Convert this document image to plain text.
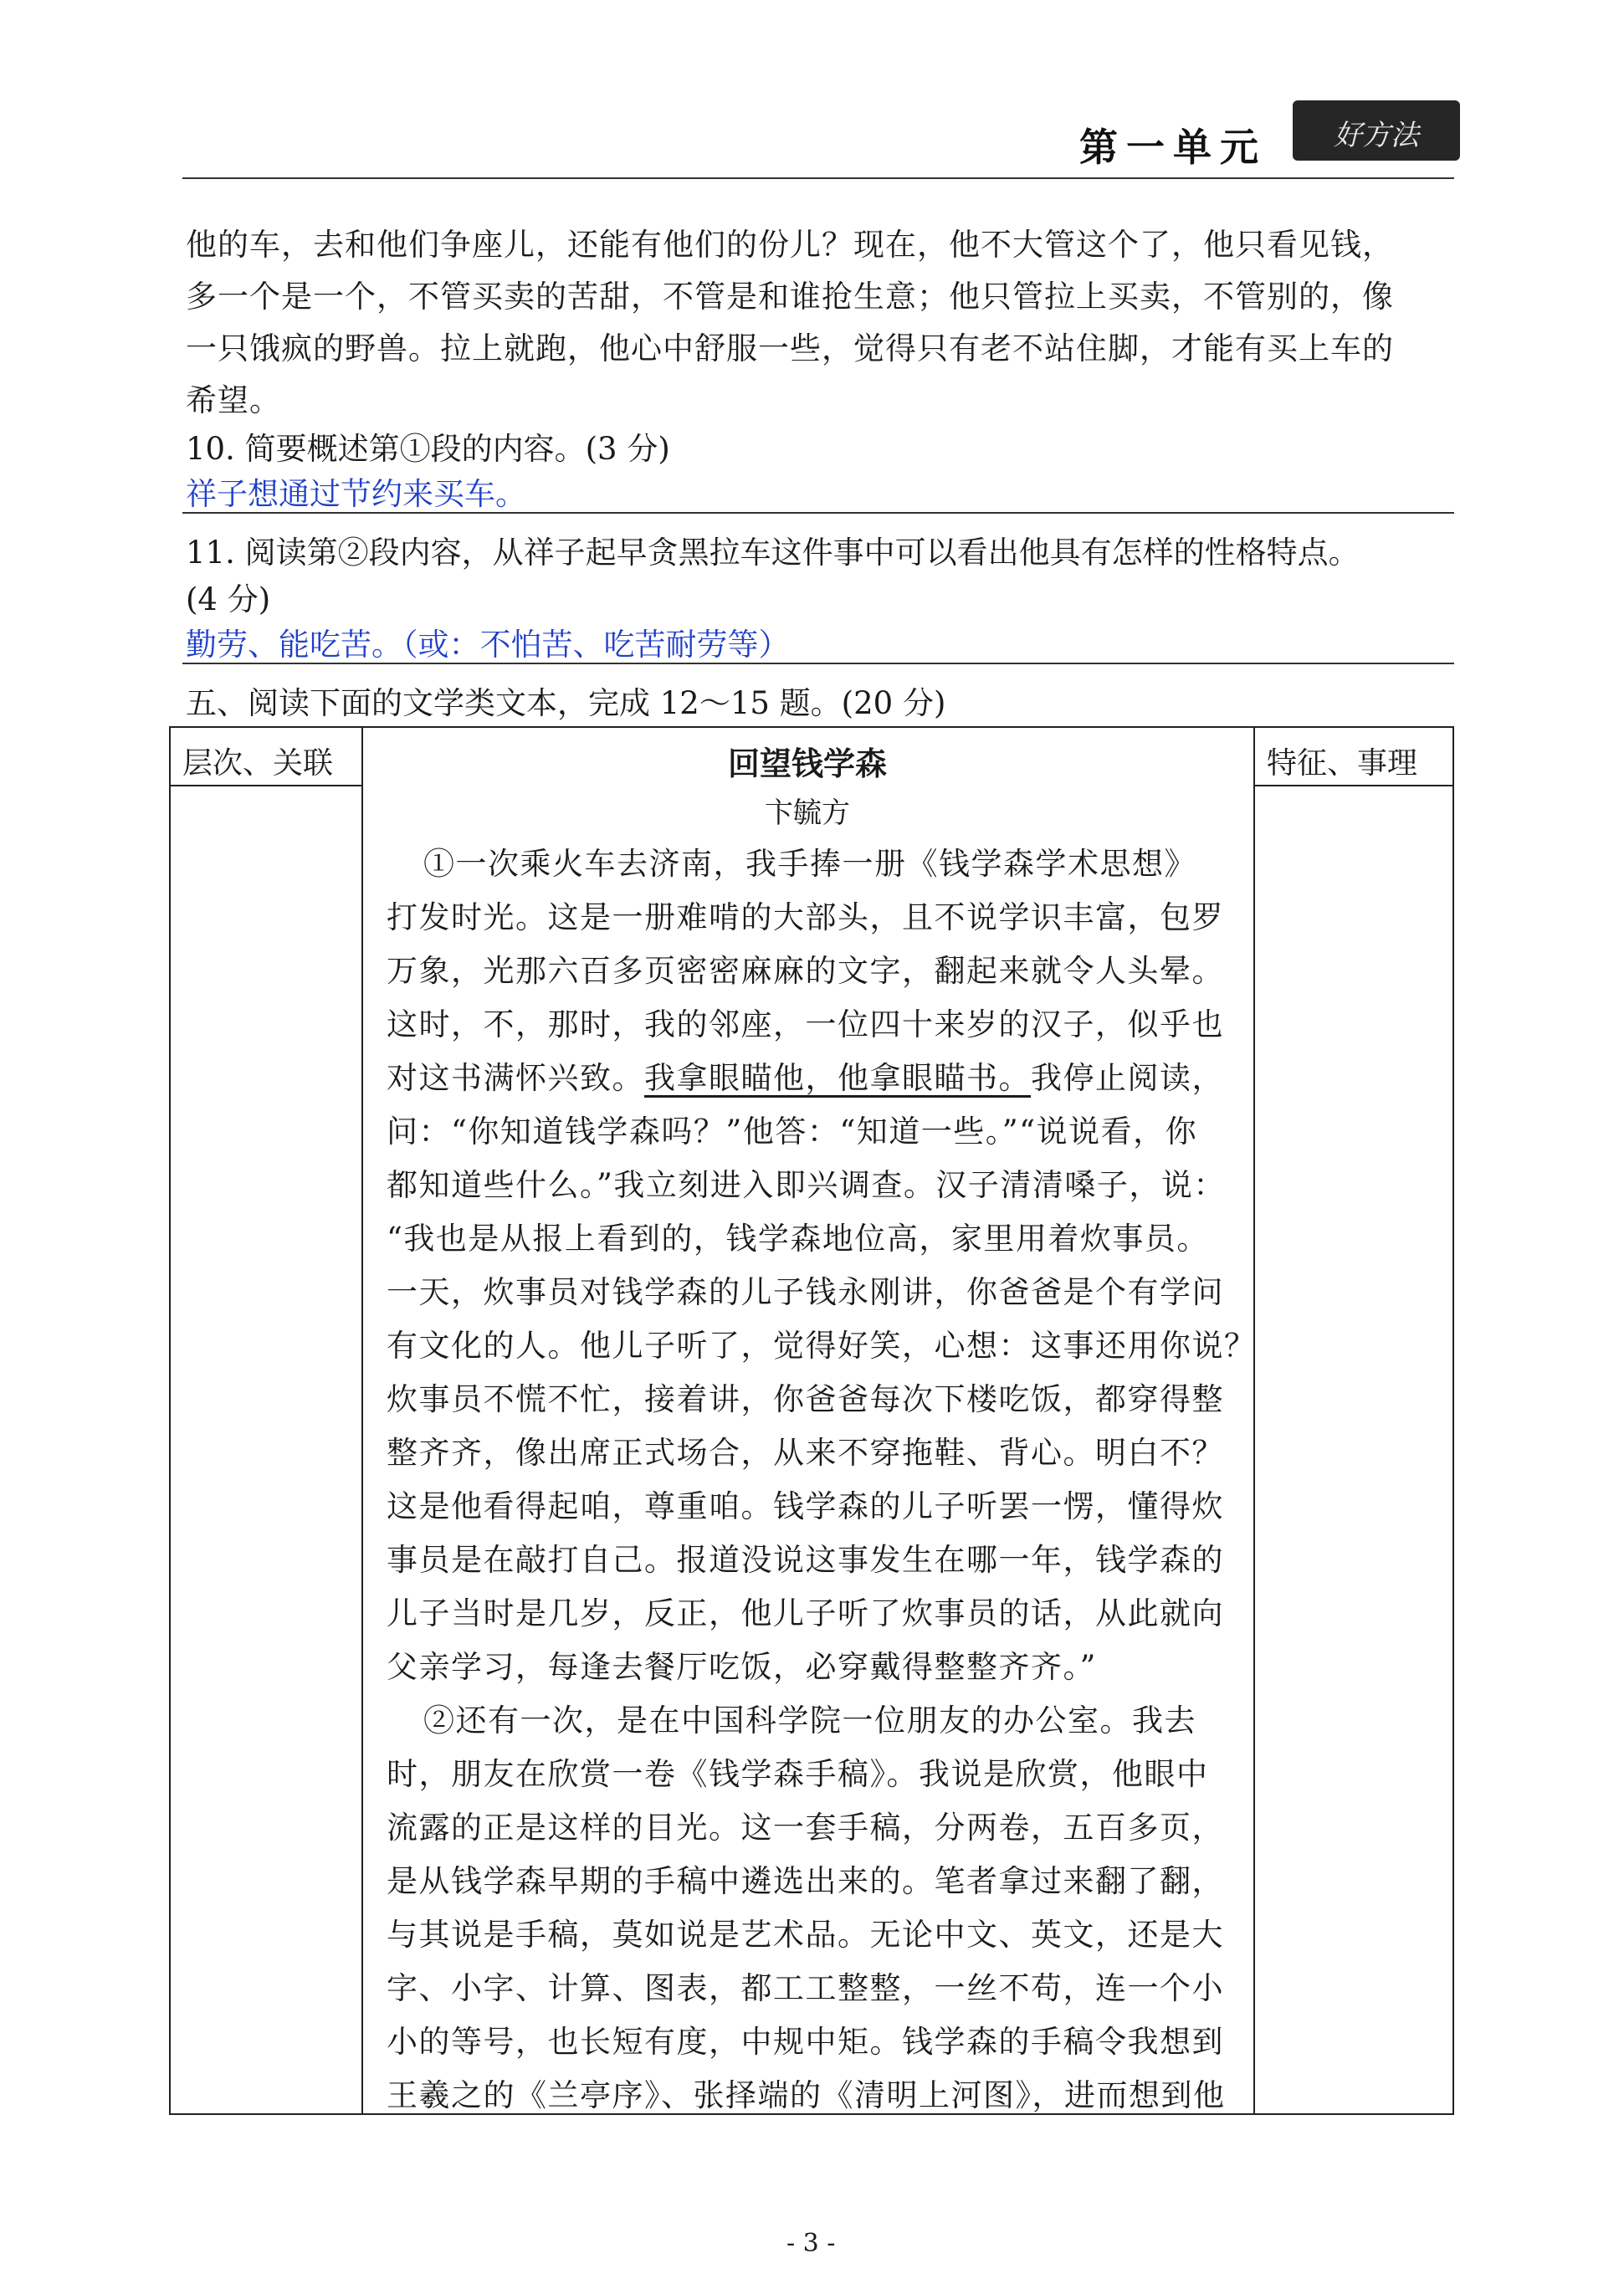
第一单元	好方法
他的车，去和他们争座儿，还能有他们的份儿？现在，他不大管这个了，他只看见钱，
多一个是一个，不管买卖的苦甜，不管是和谁抢生意；他只管拉上买卖，不管别的，像
一只饿疯的野兽。拉上就跑，他心中舒服一些，觉得只有老不站住脚，才能有买上车的
希望。
10. 简要概述第①段的内容。(3 分)
祥子想通过节约来买车。
11. 阅读第②段内容，从祥子起早贪黑拉车这件事中可以看出他具有怎样的性格特点。
(4 分)
勤劳、能吃苦。（或：不怕苦、吃苦耐劳等）
五、阅读下面的文学类文本，完成 12～15 题。(20 分)
层次、关联	特征、事理
回望钱学森
卞毓方
①一次乘火车去济南，我手捧一册《钱学森学术思想》
打发时光。这是一册难啃的大部头，且不说学识丰富，包罗
万象，光那六百多页密密麻麻的文字，翻起来就令人头晕。
这时，不，那时，我的邻座，一位四十来岁的汉子，似乎也
对这书满怀兴致。我拿眼瞄他，他拿眼瞄书。我停止阅读，
问：“你知道钱学森吗？”他答：“知道一些。”“说说看，你
都知道些什么。”我立刻进入即兴调查。汉子清清嗓子，说：
“我也是从报上看到的，钱学森地位高，家里用着炊事员。
一天，炊事员对钱学森的儿子钱永刚讲，你爸爸是个有学问
有文化的人。他儿子听了，觉得好笑，心想：这事还用你说？
炊事员不慌不忙，接着讲，你爸爸每次下楼吃饭，都穿得整
整齐齐，像出席正式场合，从来不穿拖鞋、背心。明白不？
这是他看得起咱，尊重咱。钱学森的儿子听罢一愣，懂得炊
事员是在敲打自己。报道没说这事发生在哪一年，钱学森的
儿子当时是几岁，反正，他儿子听了炊事员的话，从此就向
父亲学习，每逢去餐厅吃饭，必穿戴得整整齐齐。”
②还有一次，是在中国科学院一位朋友的办公室。我去
时，朋友在欣赏一卷《钱学森手稿》。我说是欣赏，他眼中
流露的正是这样的目光。这一套手稿，分两卷，五百多页，
是从钱学森早期的手稿中遴选出来的。笔者拿过来翻了翻，
与其说是手稿，莫如说是艺术品。无论中文、英文，还是大
字、小字、计算、图表，都工工整整，一丝不苟，连一个小
小的等号，也长短有度，中规中矩。钱学森的手稿令我想到
王羲之的《兰亭序》、张择端的《清明上河图》，进而想到他
- 3 -
